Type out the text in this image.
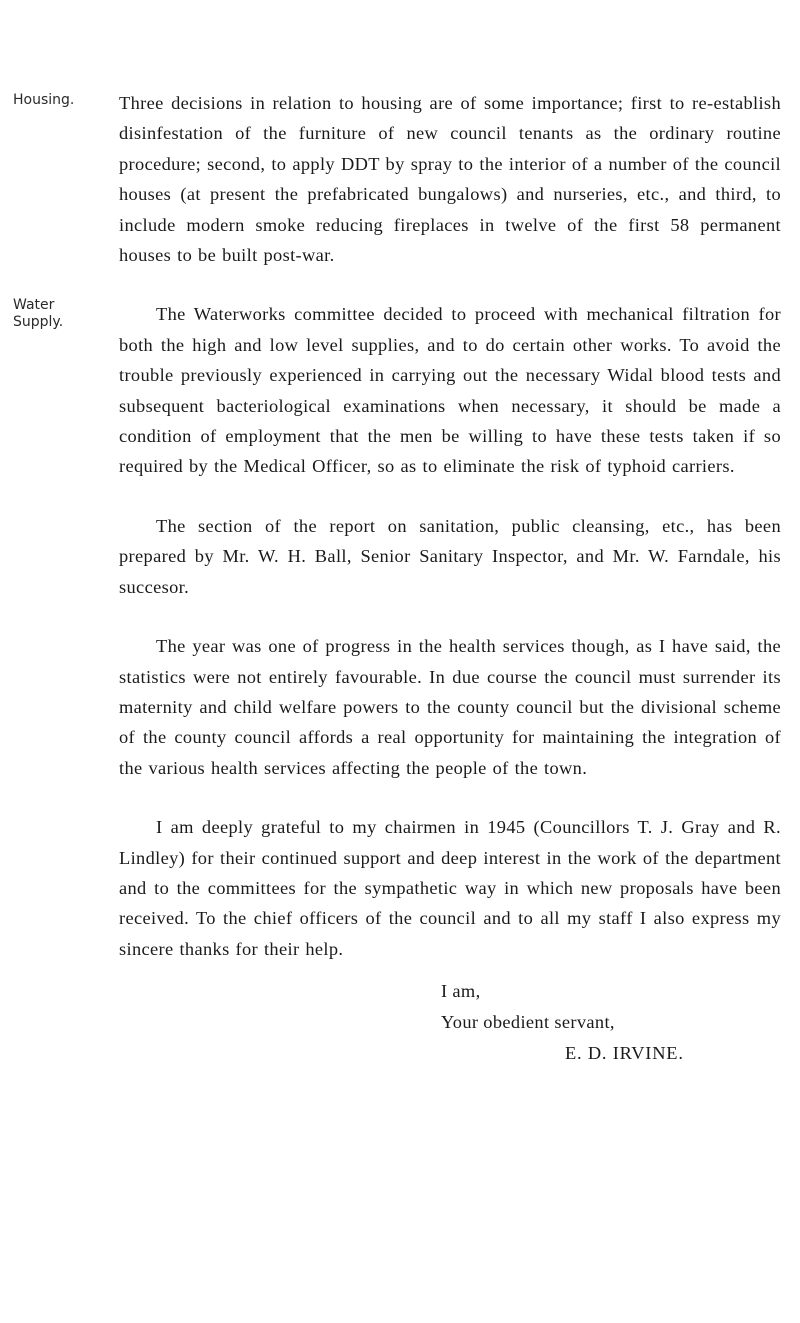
Housing.
Water Supply.

Three decisions in relation to housing are of some importance; first to re-establish disinfestation of the furniture of new council tenants as the ordinary routine procedure; second, to apply DDT by spray to the interior of a number of the council houses (at present the prefabricated bungalows) and nurseries, etc., and third, to include modern smoke reducing fireplaces in twelve of the first 58 permanent houses to be built post-war.

The Waterworks committee decided to proceed with mechanical filtration for both the high and low level supplies, and to do certain other works. To avoid the trouble previously experienced in carrying out the necessary Widal blood tests and subsequent bacteriological examinations when necessary, it should be made a condition of employment that the men be willing to have these tests taken if so required by the Medical Officer, so as to eliminate the risk of typhoid carriers.

The section of the report on sanitation, public cleansing, etc., has been prepared by Mr. W. H. Ball, Senior Sanitary Inspector, and Mr. W. Farndale, his succesor.

The year was one of progress in the health services though, as I have said, the statistics were not entirely favourable. In due course the council must surrender its maternity and child welfare powers to the county council but the divisional scheme of the county council affords a real opportunity for maintaining the integration of the various health services affecting the people of the town.

I am deeply grateful to my chairmen in 1945 (Councillors T. J. Gray and R. Lindley) for their continued support and deep interest in the work of the department and to the committees for the sympathetic way in which new proposals have been received. To the chief officers of the council and to all my staff I also express my sincere thanks for their help.

I am,
Your obedient servant,
E. D. IRVINE.
